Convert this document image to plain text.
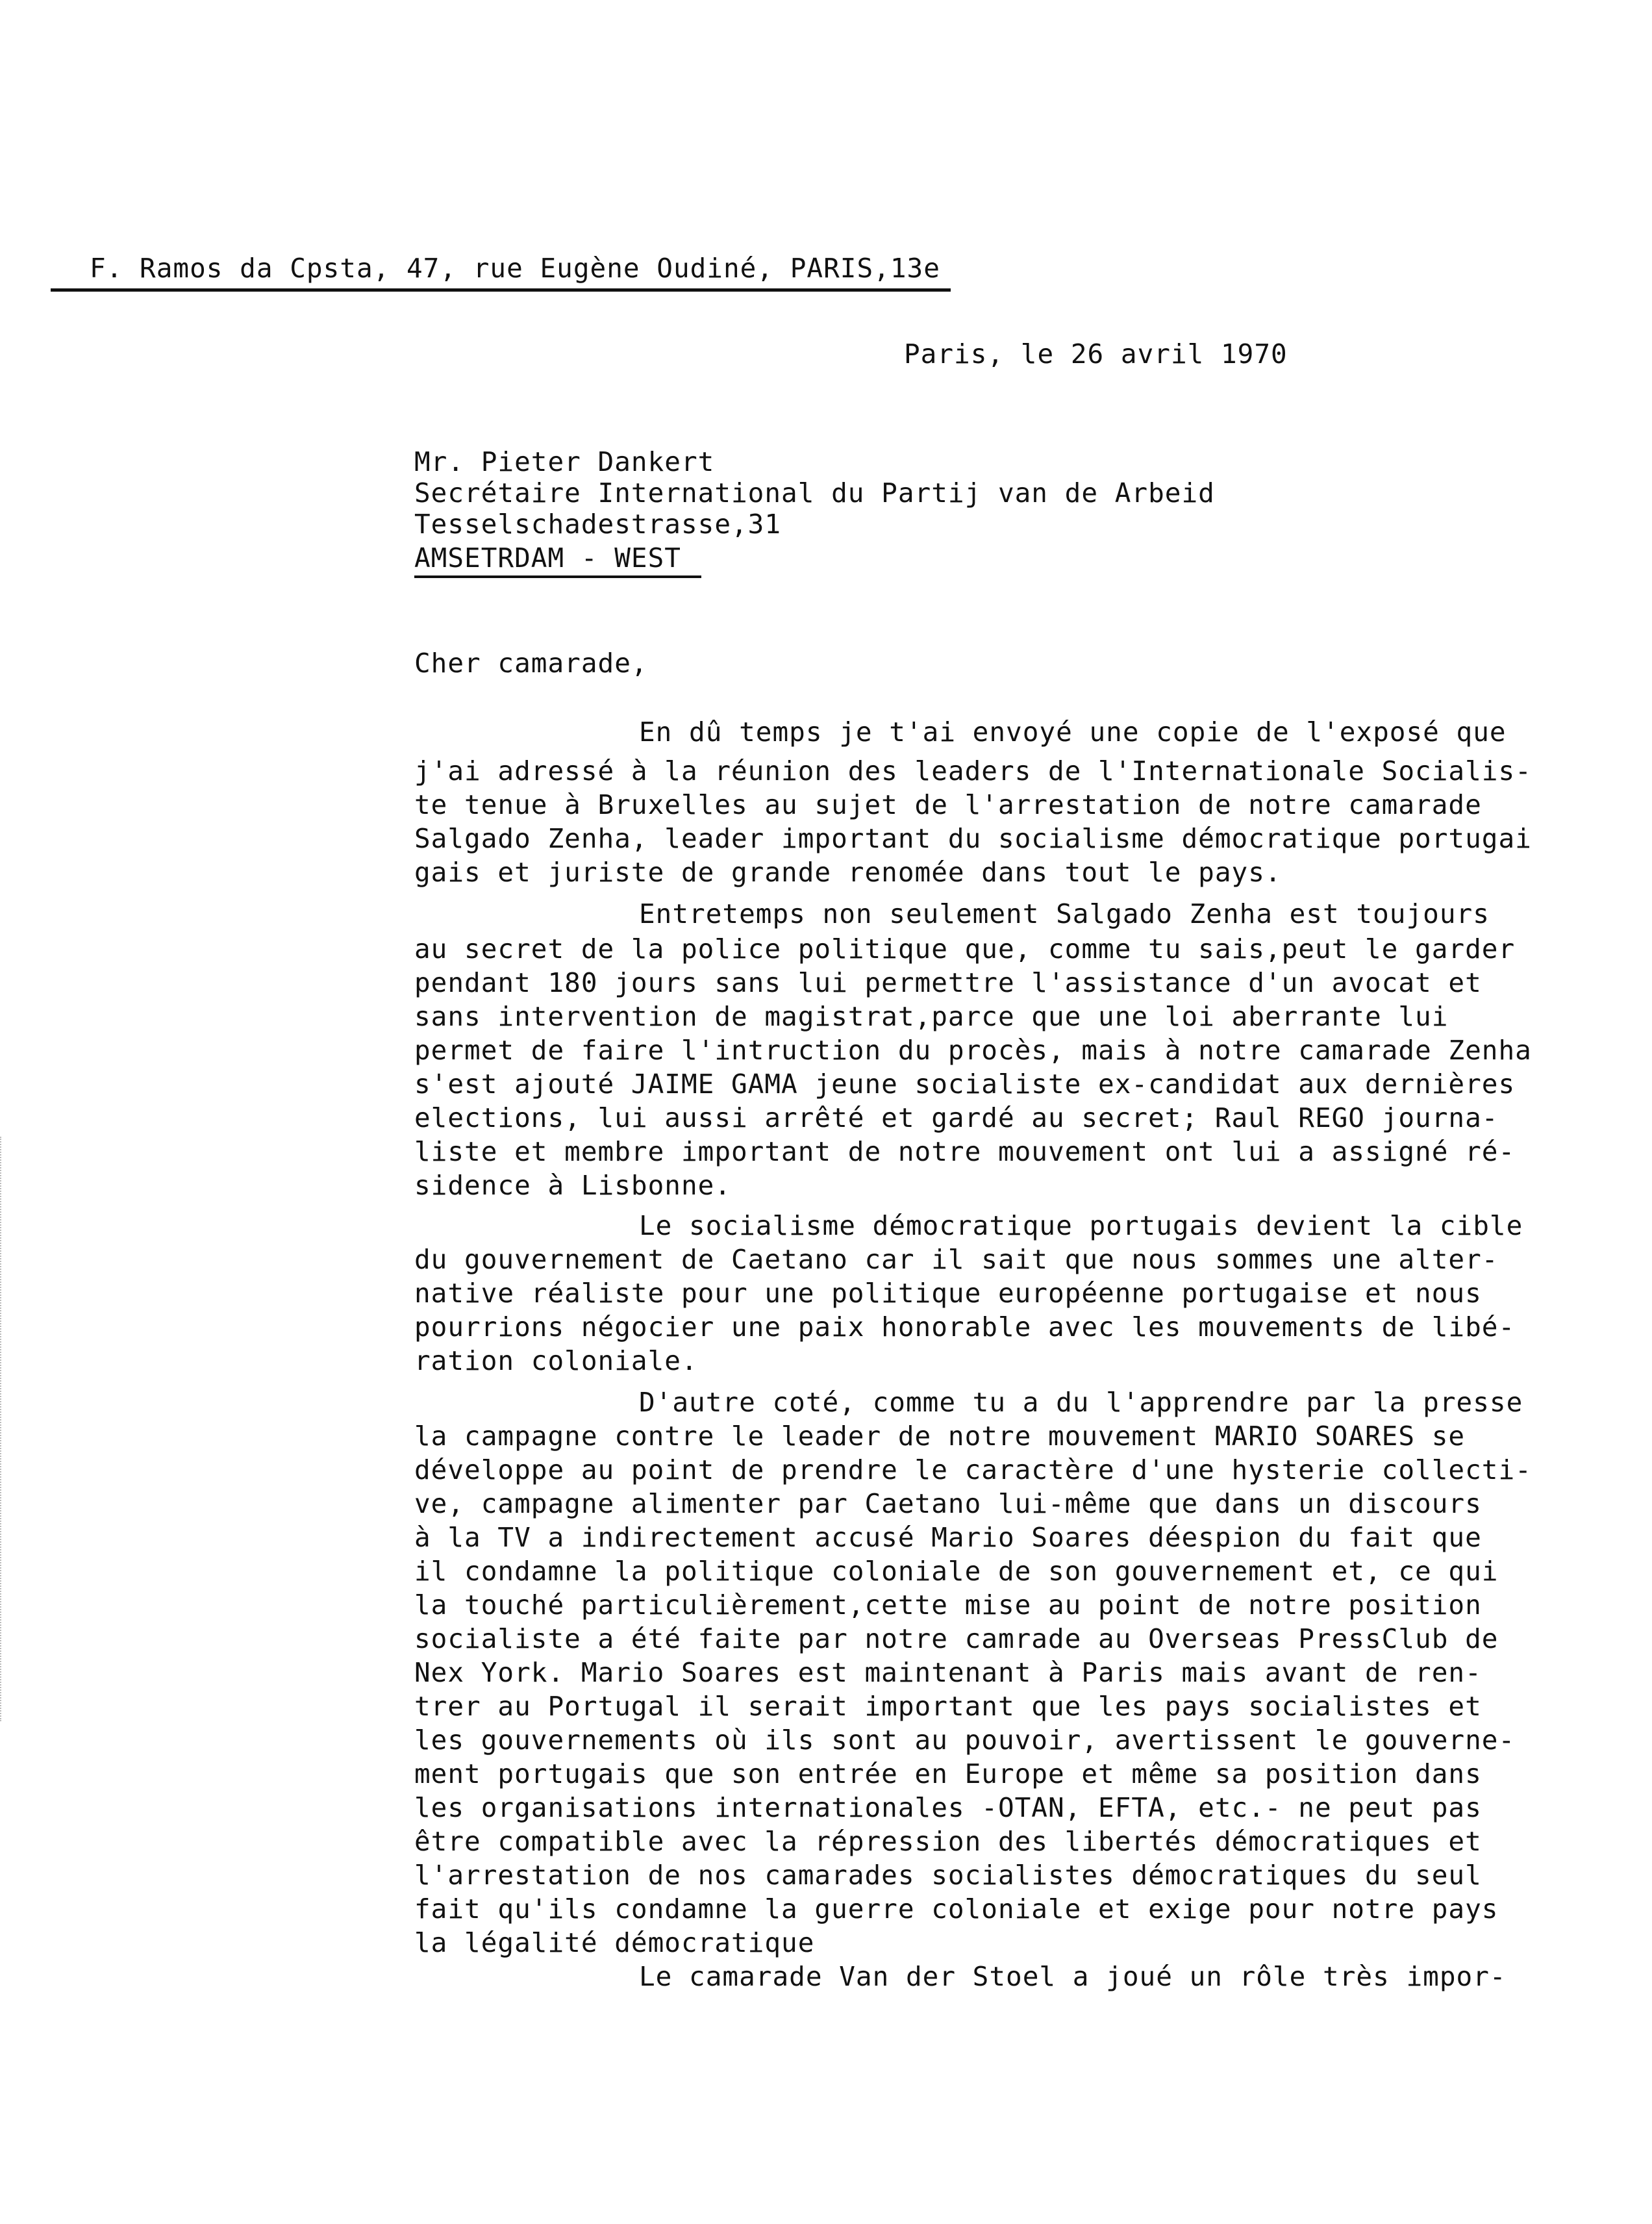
F. Ramos da Cpsta, 47, rue Eugène Oudiné, PARIS,13e
Paris, le 26 avril 1970
Mr. Pieter Dankert
Secrétaire International du Partij van de Arbeid
Tesselschadestrasse,31
AMSETRDAM - WEST
Cher camarade,
En dû temps je t'ai envoyé une copie de l'exposé que
j'ai adressé à la réunion des leaders de l'Internationale Socialis-
te tenue à Bruxelles au sujet de l'arrestation de notre camarade
Salgado Zenha, leader important du socialisme démocratique portugai
gais et juriste de grande renomée dans tout le pays.
Entretemps non seulement Salgado Zenha est toujours
au secret de la police politique que, comme tu sais,peut le garder
pendant 180 jours sans lui permettre l'assistance d'un avocat et
sans intervention de magistrat,parce que une loi aberrante lui
permet de faire l'intruction du procès, mais à notre camarade Zenha
s'est ajouté JAIME GAMA jeune socialiste ex-candidat aux dernières
elections, lui aussi arrêté et gardé au secret; Raul REGO journa-
liste et membre important de notre mouvement ont lui a assigné ré-
sidence à Lisbonne.
Le socialisme démocratique portugais devient la cible
du gouvernement de Caetano car il sait que nous sommes une alter-
native réaliste pour une politique européenne portugaise et nous
pourrions négocier une paix honorable avec les mouvements de libé-
ration coloniale.
D'autre coté, comme tu a du l'apprendre par la presse
la campagne contre le leader de notre mouvement MARIO SOARES se
développe au point de prendre le caractère d'une hysterie collecti-
ve, campagne alimenter par Caetano lui-même que dans un discours
à la TV a indirectement accusé Mario Soares déespion du fait que
il condamne la politique coloniale de son gouvernement et, ce qui
la touché particulièrement,cette mise au point de notre position
socialiste a été faite par notre camrade au Overseas PressClub de
Nex York. Mario Soares est maintenant à Paris mais avant de ren-
trer au Portugal il serait important que les pays socialistes et
les gouvernements où ils sont au pouvoir, avertissent le gouverne-
ment portugais que son entrée en Europe et même sa position dans
les organisations internationales -OTAN, EFTA, etc.- ne peut pas
être compatible avec la répression des libertés démocratiques et
l'arrestation de nos camarades socialistes démocratiques du seul
fait qu'ils condamne la guerre coloniale et exige pour notre pays
la légalité démocratique
Le camarade Van der Stoel a joué un rôle très impor-
